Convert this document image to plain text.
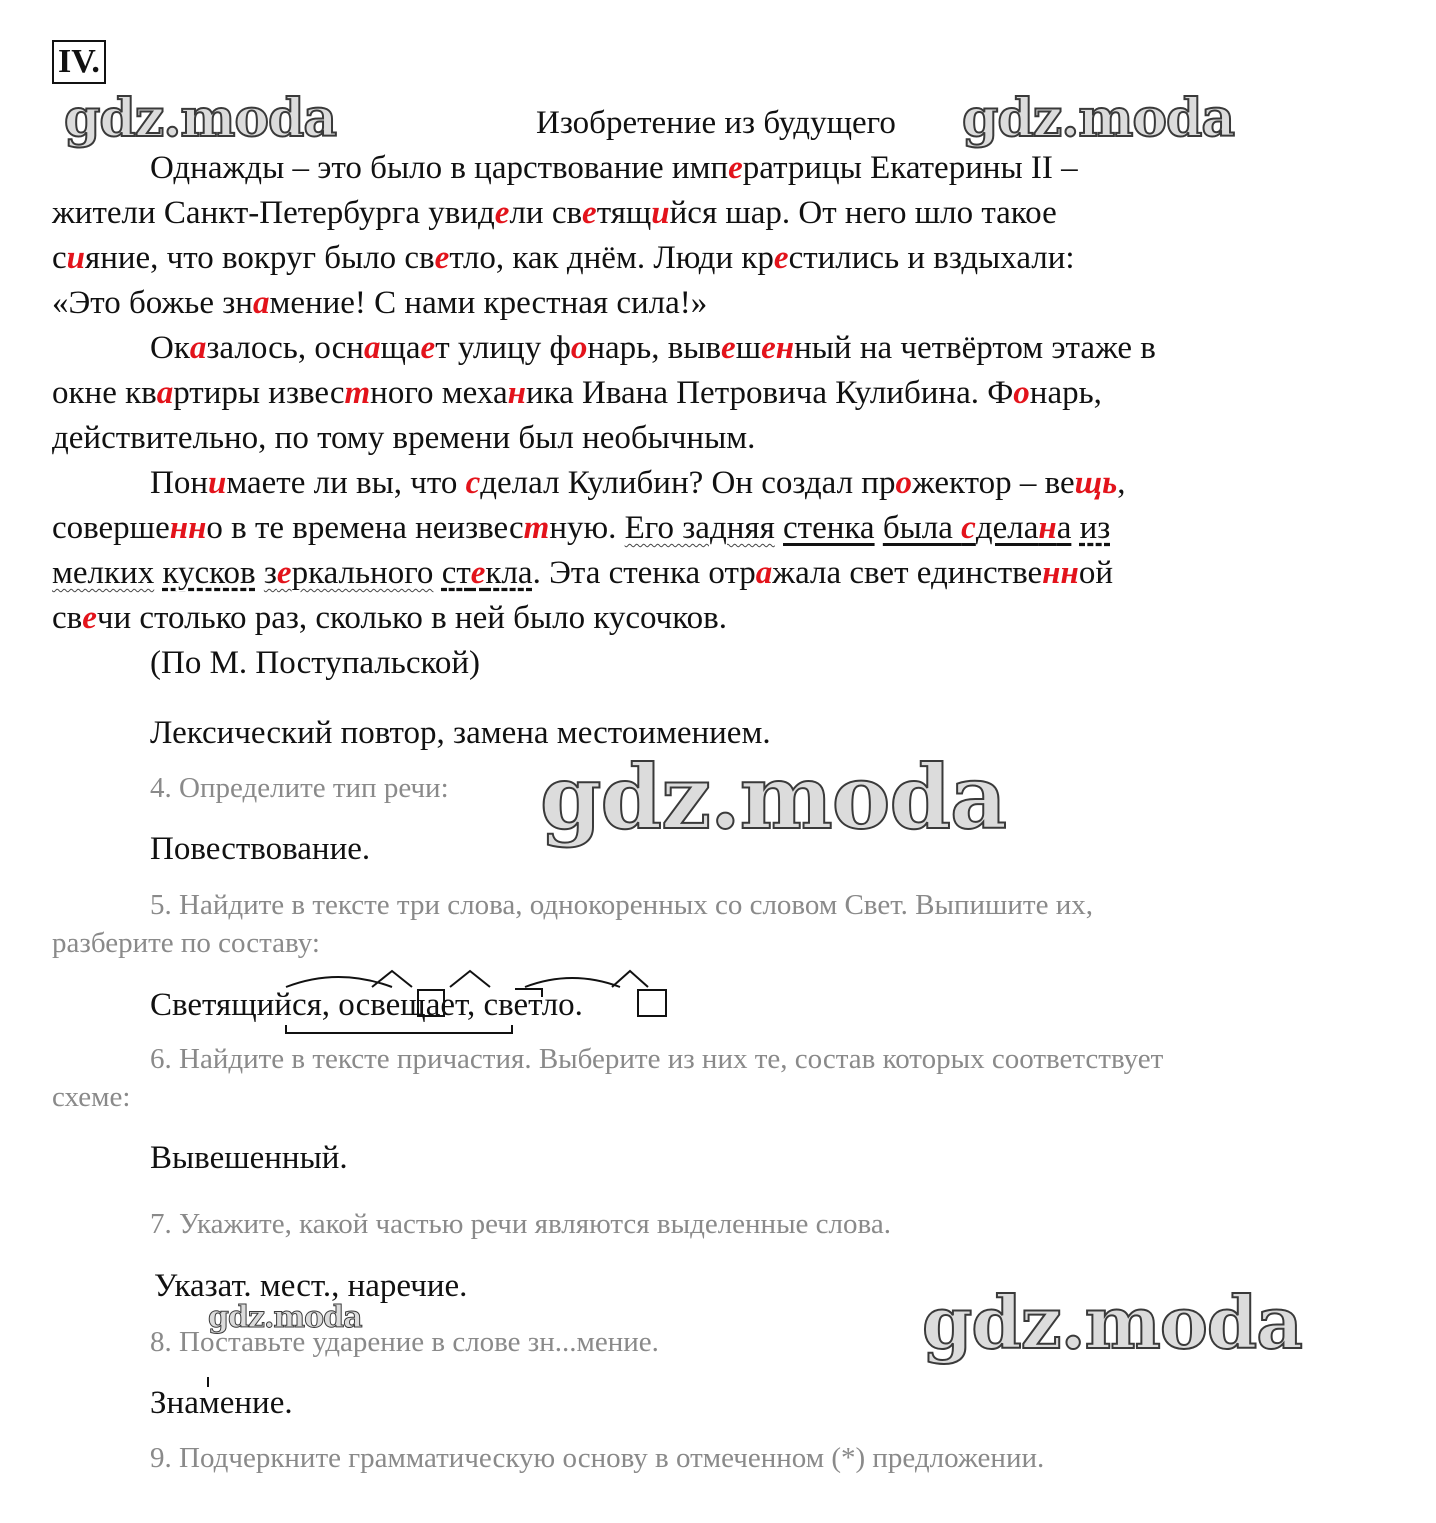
IV.
gdz.moda	gdz.moda
gdz.moda
gdz.moda
gdz.moda
Изобретение из будущего
Однажды – это было в царствование императрицы Екатерины II –
жители Санкт-Петербурга увидели светящийся шар. От него шло такое
сияние, что вокруг было светло, как днём. Люди крестились и вздыхали:
«Это божье знамение! С нами крестная сила!»
Оказалось, оснащает улицу фонарь, вывешенный на четвёртом этаже в
окне квартиры известного механика Ивана Петровича Кулибина. Фонарь,
действительно, по тому времени был необычным.
Понимаете ли вы, что сделал Кулибин? Он создал прожектор – вещь,
совершенно в те времена неизвестную. Его задняя стенка была сделана из
мелких кусков зеркального стекла. Эта стенка отражала свет единственной
свечи столько раз, сколько в ней было кусочков.
(По М. Поступальской)
Лексический повтор, замена местоимением.
4. Определите тип речи:
Повествование.
5. Найдите в тексте три слова, однокоренных со словом Свет. Выпишите их,
разберите по составу:
Светящийся, освещает, светло.
6. Найдите в тексте причастия. Выберите из них те, состав которых соответствует
схеме:
Вывешенный.
7. Укажите, какой частью речи являются выделенные слова.
Указат. мест., наречие.
8. Поставьте ударение в слове зн...мение.
Знамение.
9. Подчеркните грамматическую основу в отмеченном (*) предложении.
